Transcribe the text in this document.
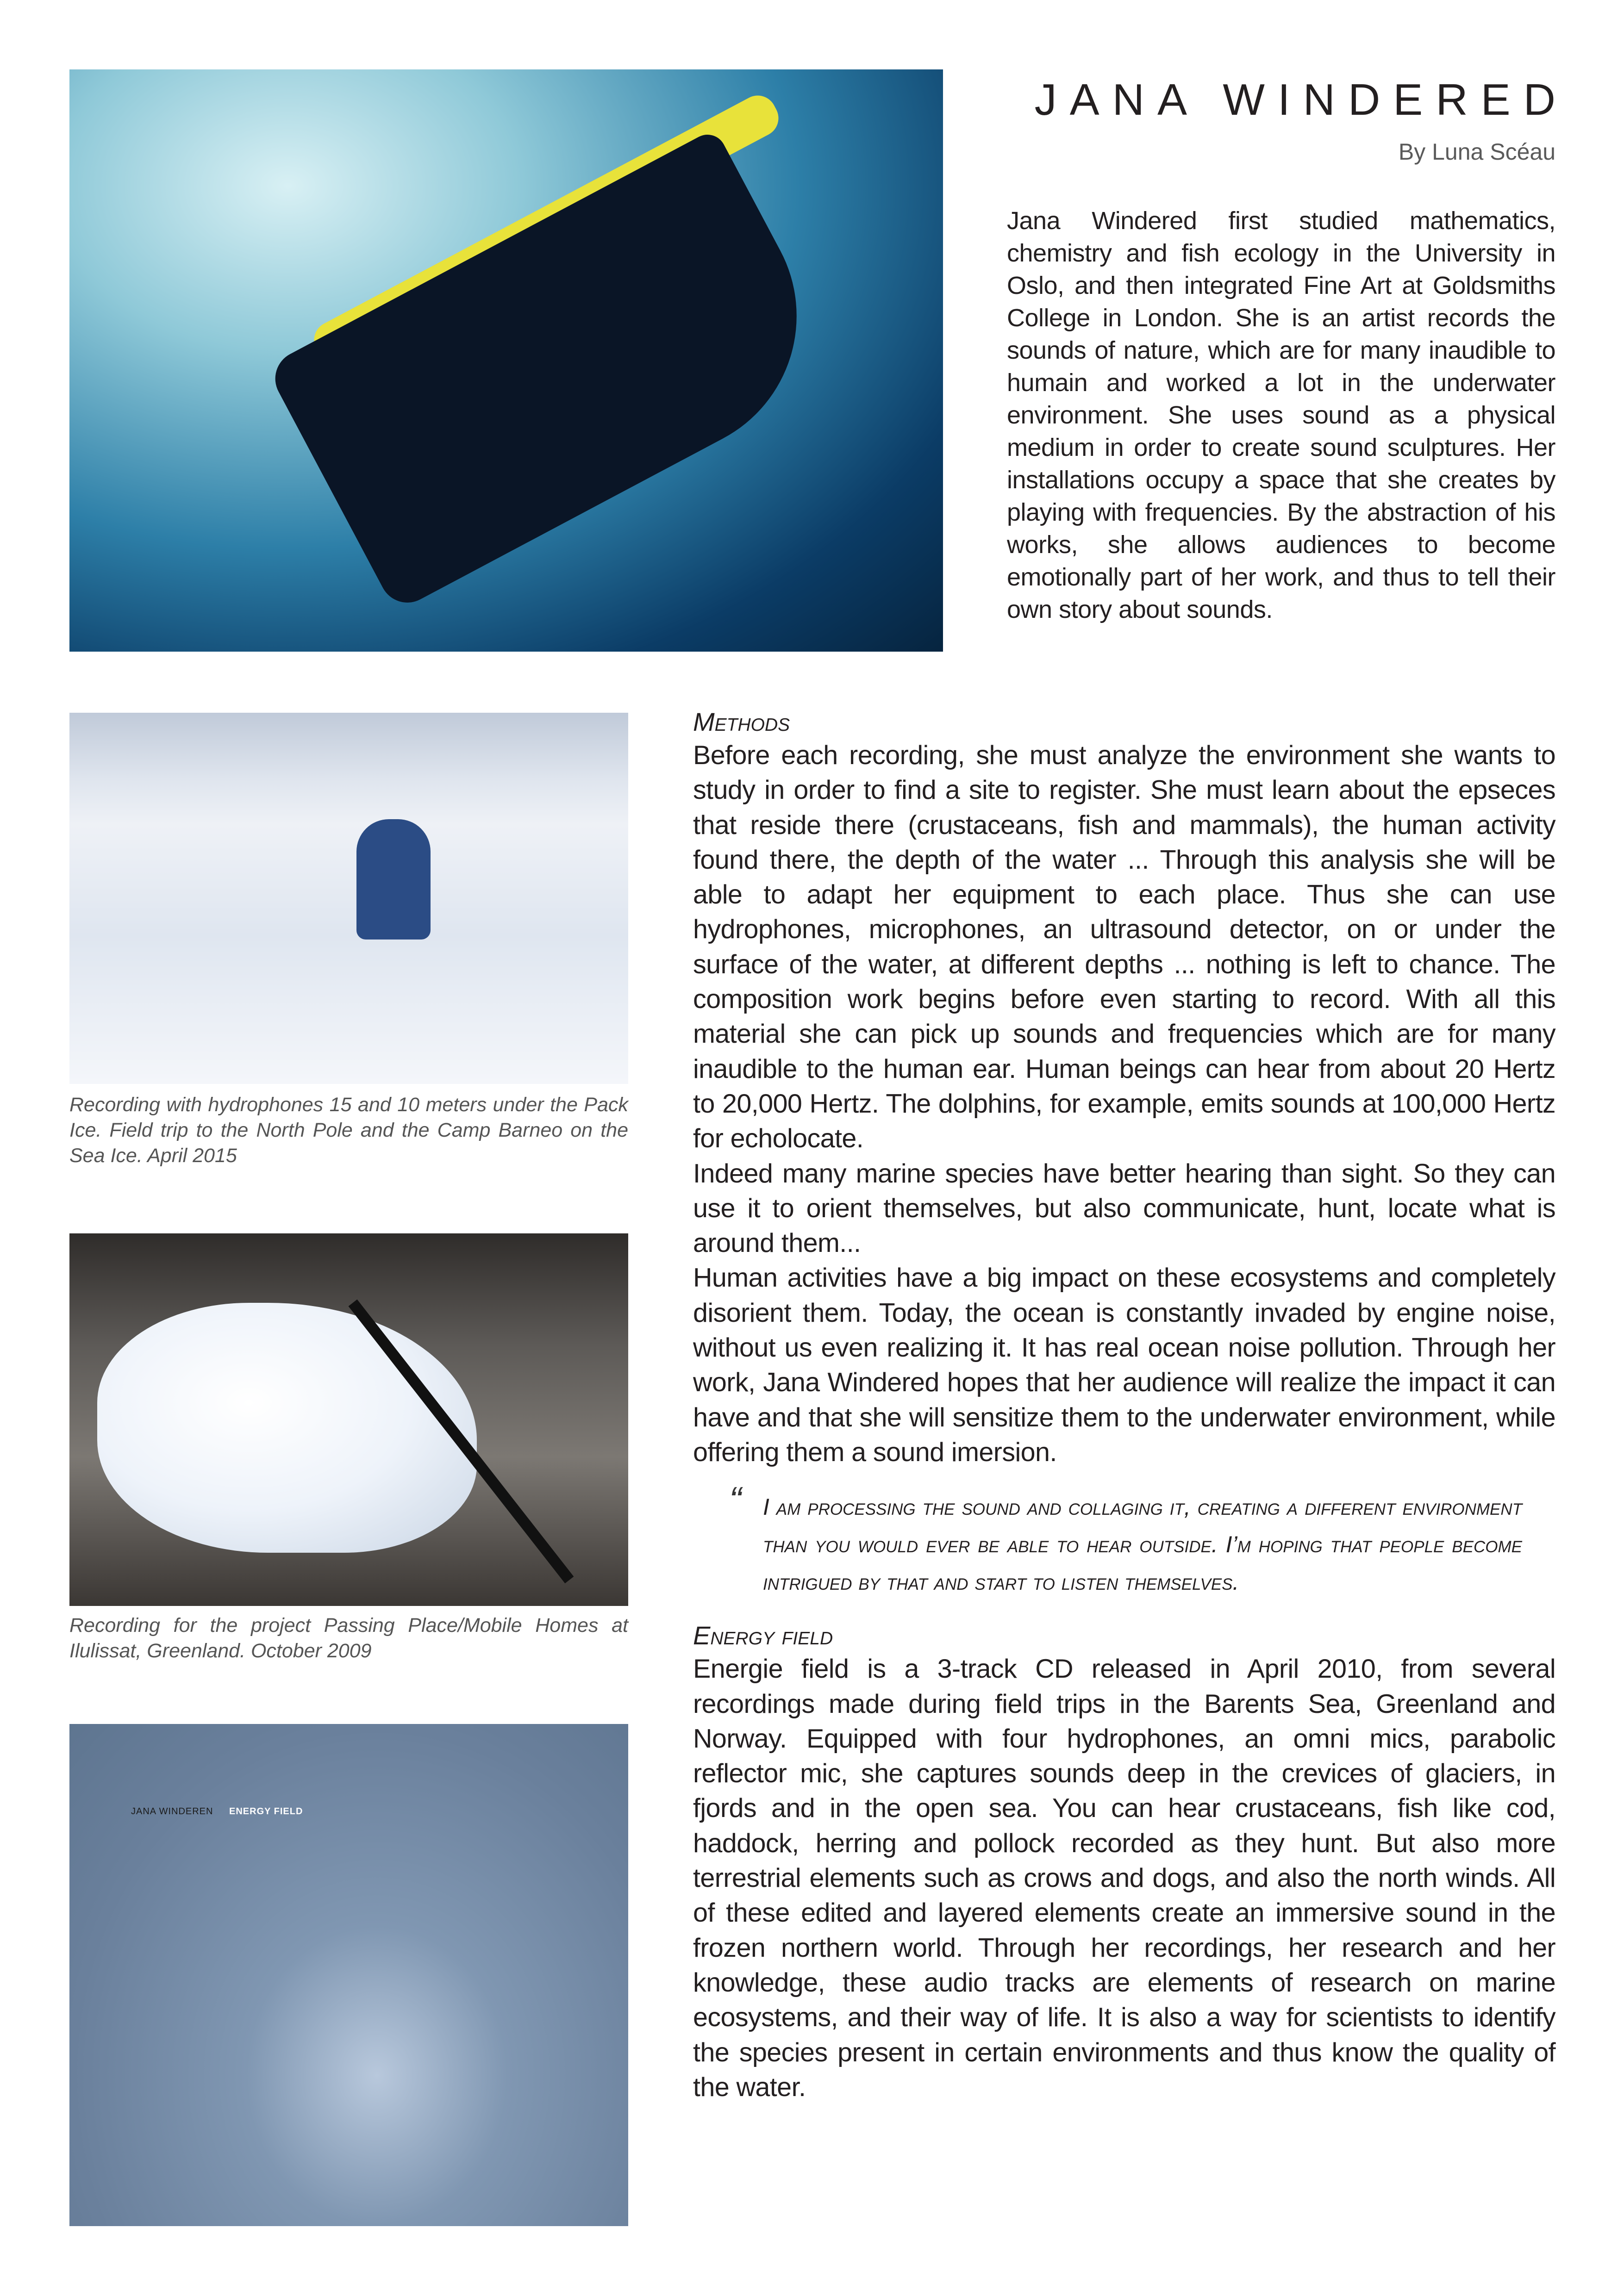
Recording with hydrophones 15 and 10 meters under the Pack Ice. Field trip to the North Pole and the Camp Barneo on the Sea Ice. April 2015
Recording for the project Passing Place/Mobile Homes at Ilulissat, Greenland. October 2009
JANA WINDEREN ENERGY FIELD
JANA WINDERED
By Luna Scéau
Jana Windered first studied mathematics, chemistry and fish ecology in the University in Oslo, and then integrated Fine Art at Goldsmiths College in London. She is an artist records the sounds of nature, which are for many inaudible to humain and worked a lot in the underwater environment. She uses sound as a physical medium in order to create sound sculptures. Her installations occupy a space that she creates by playing with frequencies. By the abstraction of his works, she allows audiences to become emotionally part of her work, and thus to tell their own story about sounds.
Methods

Before each recording, she must analyze the environment she wants to study in order to find a site to register. She must learn about the epseces that reside there (crustaceans, fish and mammals), the human activity found there, the depth of the water ... Through this analysis she will be able to adapt her equipment to each place. Thus she can use hydrophones, microphones, an ultrasound detector, on or under the surface of the water, at different depths ... nothing is left to chance. The composition work begins before even starting to record. With all this material she can pick up sounds and frequencies which are for many inaudible to the human ear. Human beings can hear from about 20 Hertz to 20,000 Hertz. The dolphins, for example, emits sounds at 100,000 Hertz for echolocate.

Indeed many marine species have better hearing than sight. So they can use it to orient themselves, but also communicate, hunt, locate what is around them...

Human activities have a big impact on these ecosystems and completely disorient them. Today, the ocean is constantly invaded by engine noise, without us even realizing it. It has real ocean noise pollution. Through her work, Jana Windered hopes that her audience will realize the impact it can have and that she will sensitize them to the underwater environment, while offering them a sound imersion.

“ I am processing the sound and collaging it, creating a different environment than you would ever be able to hear outside. I’m hoping that people become intrigued by that and start to listen themselves.
Energy field
Energie field is a 3-track CD released in April 2010, from several recordings made during field trips in the Barents Sea, Greenland and Norway. Equipped with four hydrophones, an omni mics, parabolic reflector mic, she captures sounds deep in the crevices of glaciers, in fjords and in the open sea. You can hear crustaceans, fish like cod, haddock, herring and pollock recorded as they hunt. But also more terrestrial elements such as crows and dogs, and also the north winds. All of these edited and layered elements create an immersive sound in the frozen northern world. Through her recordings, her research and her knowledge, these audio tracks are elements of research on marine ecosystems, and their way of life. It is also a way for scientists to identify the species present in certain environments and thus know the quality of the water.
